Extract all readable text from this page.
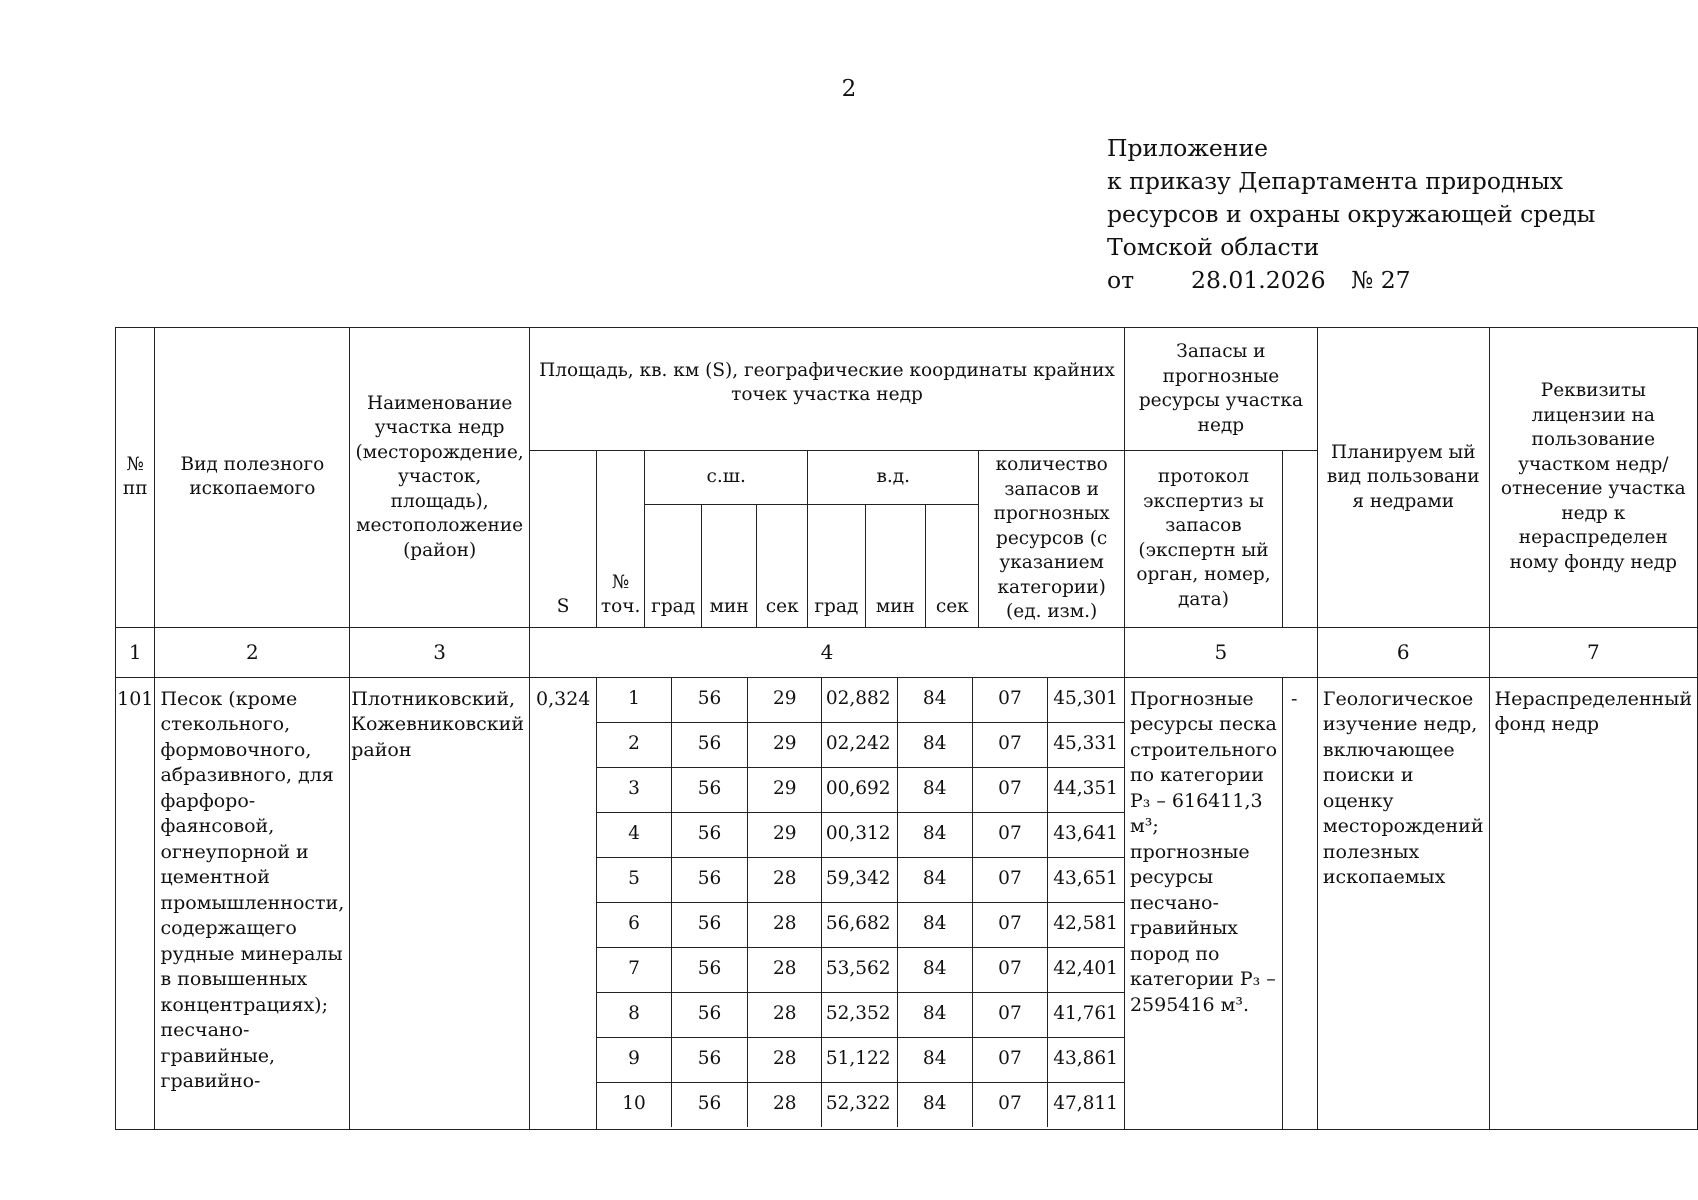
2
Приложение
к приказу Департамента природных
ресурсов и охраны окружающей среды
Томской области
от 28.01.2026 № 27
№ пп	Вид полезного ископаемого	Наименование участка недр (месторождение, участок, площадь), местоположение (район)	Площадь, кв. км (S), географические координаты крайних точек участка недр	Запасы и прогнозные ресурсы участка недр	Планируем ый вид пользовани я недрами	Реквизиты лицензии на пользование участком недр/ отнесение участка недр к нераспределен ному фонду недр
S	№ точ.	с.ш.	в.д.	количество запасов и прогнозных ресурсов (с указанием категории) (ед. изм.)	протокол экспертиз ы запасов (экспертн ый орган, номер, дата)
град	мин	сек	град	мин	сек
1	2	3	4	5	6	7
101	Песок (кроме стекольного, формовочного, абразивного, для фарфоро-фаянсовой, огнеупорной и цементной промышленности, содержащего рудные минералы в повышенных концентрациях); песчано-гравийные, гравийно-	Плотниковский, Кожевниковский район	0,324	1	56	29	02,882	84	07	45,301
2	56	29	02,242	84	07	45,331
3	56	29	00,692	84	07	44,351
4	56	29	00,312	84	07	43,641
5	56	28	59,342	84	07	43,651
6	56	28	56,682	84	07	42,581
7	56	28	53,562	84	07	42,401
8	56	28	52,352	84	07	41,761
9	56	28	51,122	84	07	43,861
10	56	28	52,322	84	07	47,811
	Прогнозные ресурсы песка строительного по категории Р₃ – 616411,3 м³; прогнозные ресурсы песчано-гравийных пород по категории Р₃ – 2595416 м³.	-	Геологическое изучение недр, включающее поиски и оценку месторождений полезных ископаемых	Нераспределенный фонд недр
